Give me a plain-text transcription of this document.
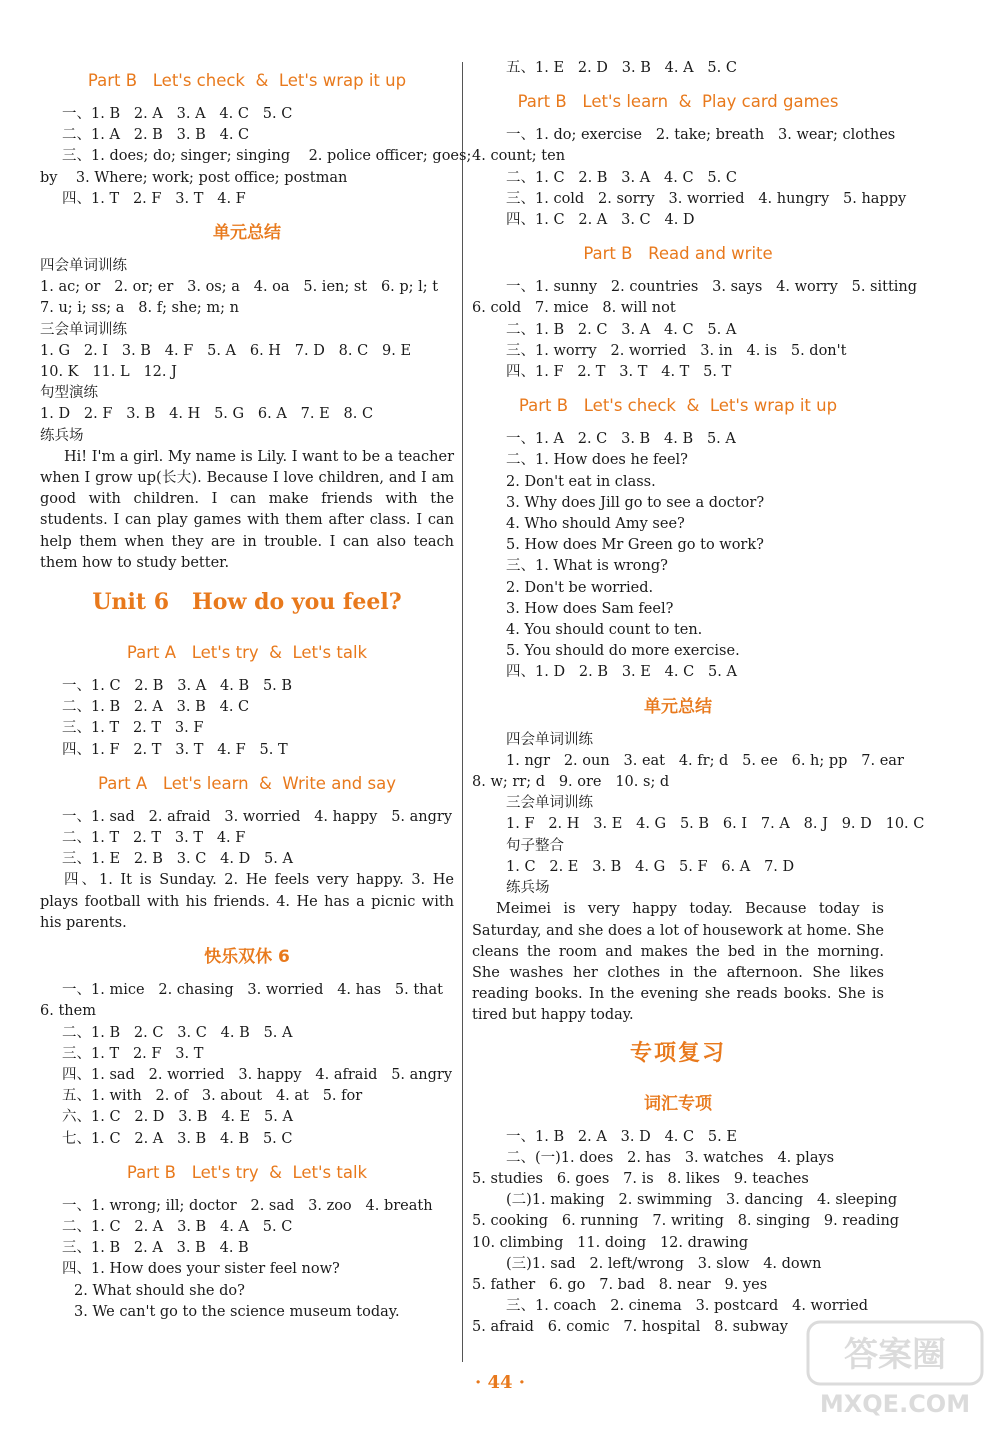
Part B   Let's check  &  Let's wrap it up
一、1. B   2. A   3. A   4. C   5. C
二、1. A   2. B   3. B   4. C
三、1. does; do; singer; singing    2. police officer; goes;
by    3. Where; work; post office; postman
四、1. T   2. F   3. T   4. F
单元总结
四会单词训练
1. ac; or   2. or; er   3. os; a   4. oa   5. ien; st   6. p; l; t
7. u; i; ss; a   8. f; she; m; n
三会单词训练
1. G   2. I   3. B   4. F   5. A   6. H   7. D   8. C   9. E
10. K   11. L   12. J
句型演练
1. D   2. F   3. B   4. H   5. G   6. A   7. E   8. C
练兵场
Hi! I'm a girl. My name is Lily. I want to be a teacher when I grow up(长大). Because I love children, and I am good with children. I can make friends with the students. I can play games with them after class. I can help them when they are in trouble. I can also teach them how to study better.
Unit 6   How do you feel?
Part A   Let's try  &  Let's talk
一、1. C   2. B   3. A   4. B   5. B
二、1. B   2. A   3. B   4. C
三、1. T   2. T   3. F
四、1. F   2. T   3. T   4. F   5. T
Part A   Let's learn  &  Write and say
一、1. sad   2. afraid   3. worried   4. happy   5. angry
二、1. T   2. T   3. T   4. F
三、1. E   2. B   3. C   4. D   5. A
四、1. It is Sunday. 2. He feels very happy. 3. He plays football with his friends. 4. He has a picnic with his parents.
快乐双休 6
一、1. mice   2. chasing   3. worried   4. has   5. that
6. them
二、1. B   2. C   3. C   4. B   5. A
三、1. T   2. F   3. T
四、1. sad   2. worried   3. happy   4. afraid   5. angry
五、1. with   2. of   3. about   4. at   5. for
六、1. C   2. D   3. B   4. E   5. A
七、1. C   2. A   3. B   4. B   5. C
Part B   Let's try  &  Let's talk
一、1. wrong; ill; doctor   2. sad   3. zoo   4. breath
二、1. C   2. A   3. B   4. A   5. C
三、1. B   2. A   3. B   4. B
四、1. How does your sister feel now?
2. What should she do?
3. We can't go to the science museum today.
五、1. E   2. D   3. B   4. A   5. C
Part B   Let's learn  &  Play card games
一、1. do; exercise   2. take; breath   3. wear; clothes
4. count; ten
二、1. C   2. B   3. A   4. C   5. C
三、1. cold   2. sorry   3. worried   4. hungry   5. happy
四、1. C   2. A   3. C   4. D
Part B   Read and write
一、1. sunny   2. countries   3. says   4. worry   5. sitting
6. cold   7. mice   8. will not
二、1. B   2. C   3. A   4. C   5. A
三、1. worry   2. worried   3. in   4. is   5. don't
四、1. F   2. T   3. T   4. T   5. T
Part B   Let's check  &  Let's wrap it up
一、1. A   2. C   3. B   4. B   5. A
二、1. How does he feel?
2. Don't eat in class.
3. Why does Jill go to see a doctor?
4. Who should Amy see?
5. How does Mr Green go to work?
三、1. What is wrong?
2. Don't be worried.
3. How does Sam feel?
4. You should count to ten.
5. You should do more exercise.
四、1. D   2. B   3. E   4. C   5. A
单元总结
四会单词训练
1. ngr   2. oun   3. eat   4. fr; d   5. ee   6. h; pp   7. ear
8. w; rr; d   9. ore   10. s; d
三会单词训练
1. F   2. H   3. E   4. G   5. B   6. I   7. A   8. J   9. D   10. C
句子整合
1. C   2. E   3. B   4. G   5. F   6. A   7. D
练兵场
Meimei is very happy today. Because today is Saturday, and she does a lot of housework at home. She cleans the room and makes the bed in the morning. She washes her clothes in the afternoon. She likes reading books. In the evening she reads books. She is tired but happy today.
专项复习
词汇专项
一、1. B   2. A   3. D   4. C   5. E
二、(一)1. does   2. has   3. watches   4. plays
5. studies   6. goes   7. is   8. likes   9. teaches
(二)1. making   2. swimming   3. dancing   4. sleeping
5. cooking   6. running   7. writing   8. singing   9. reading
10. climbing   11. doing   12. drawing
(三)1. sad   2. left/wrong   3. slow   4. down
5. father   6. go   7. bad   8. near   9. yes
三、1. coach   2. cinema   3. postcard   4. worried
5. afraid   6. comic   7. hospital   8. subway
· 44 ·
答案圈
MXQE.COM
